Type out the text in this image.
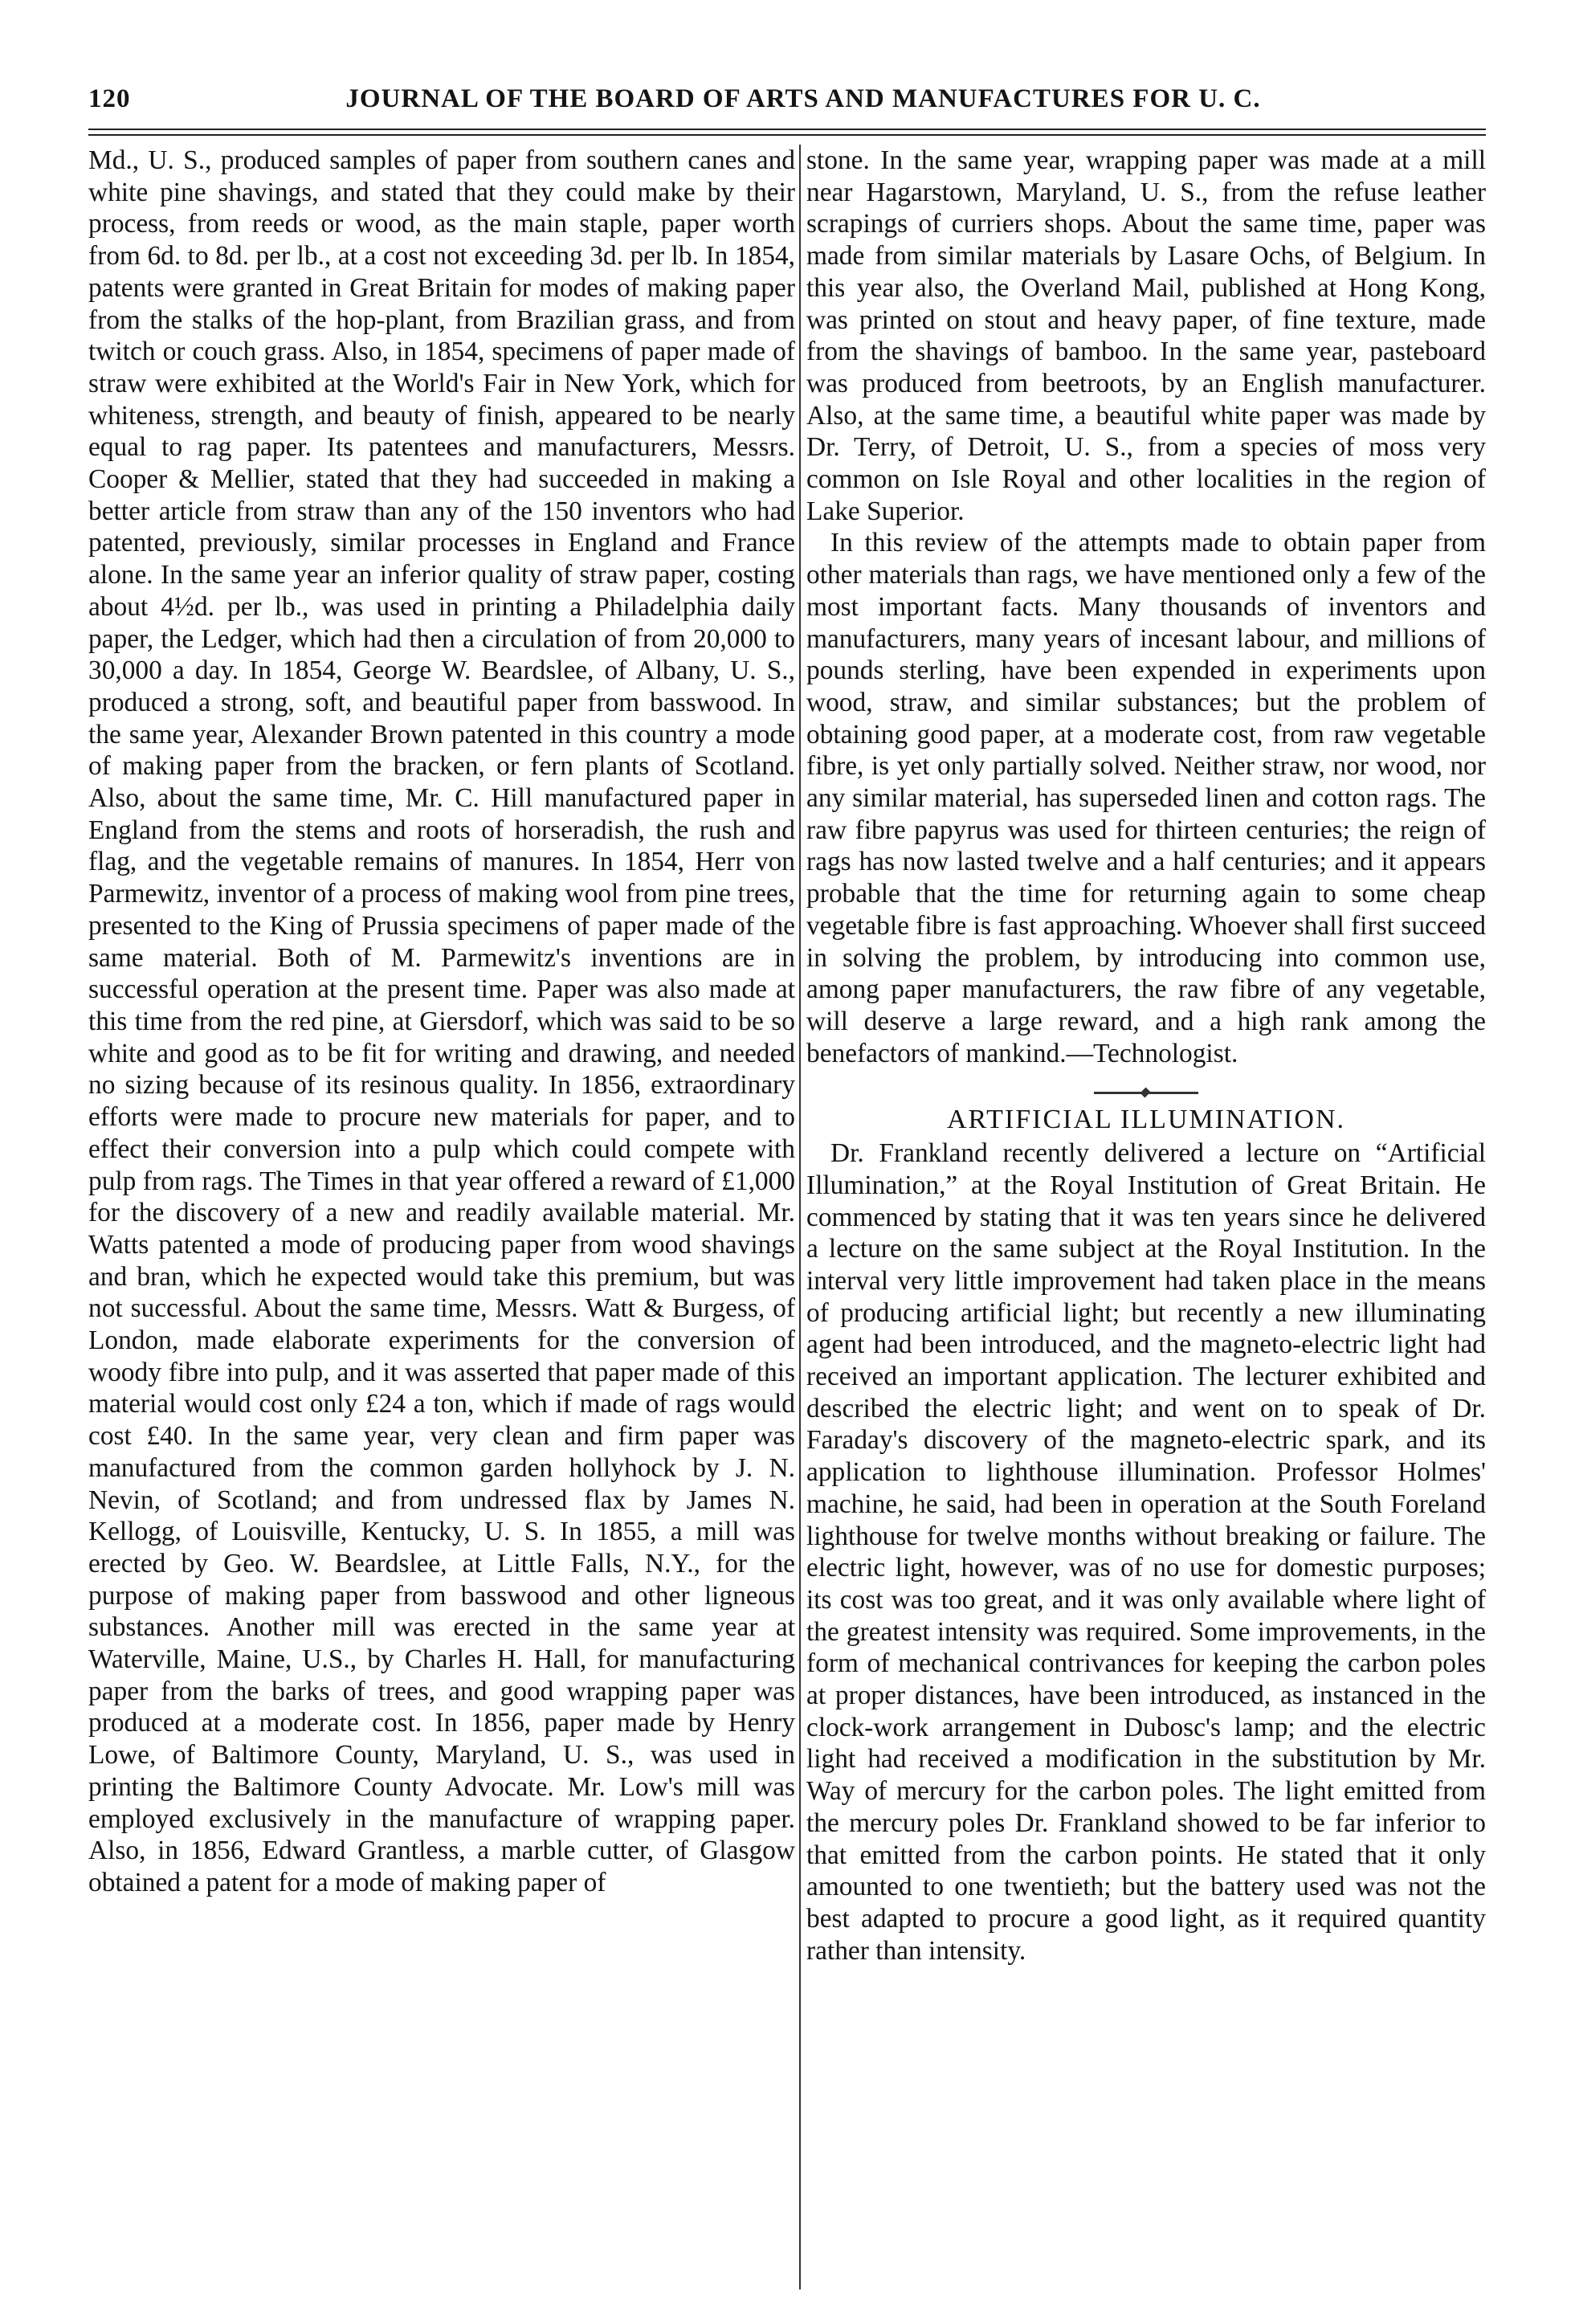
120	JOURNAL OF THE BOARD OF ARTS AND MANUFACTURES FOR U. C.

Md., U. S., produced samples of paper from southern canes and white pine shavings, and stated that they could make by their process, from reeds or wood, as the main staple, paper worth from 6d. to 8d. per lb., at a cost not exceeding 3d. per lb. In 1854, patents were granted in Great Britain for modes of making paper from the stalks of the hop-plant, from Brazilian grass, and from twitch or couch grass. Also, in 1854, specimens of paper made of straw were exhibited at the World's Fair in New York, which for whiteness, strength, and beauty of finish, appeared to be nearly equal to rag paper. Its patentees and manufacturers, Messrs. Cooper & Mellier, stated that they had succeeded in making a better article from straw than any of the 150 inventors who had patented, previously, similar processes in England and France alone. In the same year an inferior quality of straw paper, costing about 4½d. per lb., was used in printing a Philadelphia daily paper, the Ledger, which had then a circulation of from 20,000 to 30,000 a day. In 1854, George W. Beardslee, of Albany, U. S., produced a strong, soft, and beautiful paper from basswood. In the same year, Alexander Brown patented in this country a mode of making paper from the bracken, or fern plants of Scotland. Also, about the same time, Mr. C. Hill manufactured paper in England from the stems and roots of horseradish, the rush and flag, and the vegetable remains of manures. In 1854, Herr von Parmewitz, inventor of a process of making wool from pine trees, presented to the King of Prussia specimens of paper made of the same material. Both of M. Parmewitz's inventions are in successful operation at the present time. Paper was also made at this time from the red pine, at Giersdorf, which was said to be so white and good as to be fit for writing and drawing, and needed no sizing because of its resinous quality. In 1856, extraordinary efforts were made to procure new materials for paper, and to effect their conversion into a pulp which could compete with pulp from rags. The Times in that year offered a reward of £1,000 for the discovery of a new and readily available material. Mr. Watts patented a mode of producing paper from wood shavings and bran, which he expected would take this premium, but was not successful. About the same time, Messrs. Watt & Burgess, of London, made elaborate experiments for the conversion of woody fibre into pulp, and it was asserted that paper made of this material would cost only £24 a ton, which if made of rags would cost £40. In the same year, very clean and firm paper was manufactured from the common garden hollyhock by J. N. Nevin, of Scotland; and from undressed flax by James N. Kellogg, of Louisville, Kentucky, U. S. In 1855, a mill was erected by Geo. W. Beardslee, at Little Falls, N.Y., for the purpose of making paper from basswood and other ligneous substances. Another mill was erected in the same year at Waterville, Maine, U.S., by Charles H. Hall, for manufacturing paper from the barks of trees, and good wrapping paper was produced at a moderate cost. In 1856, paper made by Henry Lowe, of Baltimore County, Maryland, U. S., was used in printing the Baltimore County Advocate. Mr. Low's mill was employed exclusively in the manufacture of wrapping paper. Also, in 1856, Edward Grantless, a marble cutter, of Glasgow obtained a patent for a mode of making paper of

stone. In the same year, wrapping paper was made at a mill near Hagarstown, Maryland, U. S., from the refuse leather scrapings of curriers shops. About the same time, paper was made from similar materials by Lasare Ochs, of Belgium. In this year also, the Overland Mail, published at Hong Kong, was printed on stout and heavy paper, of fine texture, made from the shavings of bamboo. In the same year, pasteboard was produced from beetroots, by an English manufacturer. Also, at the same time, a beautiful white paper was made by Dr. Terry, of Detroit, U. S., from a species of moss very common on Isle Royal and other localities in the region of Lake Superior.

In this review of the attempts made to obtain paper from other materials than rags, we have mentioned only a few of the most important facts. Many thousands of inventors and manufacturers, many years of incesant labour, and millions of pounds sterling, have been expended in experiments upon wood, straw, and similar substances; but the problem of obtaining good paper, at a moderate cost, from raw vegetable fibre, is yet only partially solved. Neither straw, nor wood, nor any similar material, has superseded linen and cotton rags. The raw fibre papyrus was used for thirteen centuries; the reign of rags has now lasted twelve and a half centuries; and it appears probable that the time for returning again to some cheap vegetable fibre is fast approaching. Whoever shall first succeed in solving the problem, by introducing into common use, among paper manufacturers, the raw fibre of any vegetable, will deserve a large reward, and a high rank among the benefactors of mankind.—Technologist.

ARTIFICIAL ILLUMINATION.

Dr. Frankland recently delivered a lecture on “Artificial Illumination,” at the Royal Institution of Great Britain. He commenced by stating that it was ten years since he delivered a lecture on the same subject at the Royal Institution. In the interval very little improvement had taken place in the means of producing artificial light; but recently a new illuminating agent had been introduced, and the magneto-electric light had received an important application. The lecturer exhibited and described the electric light; and went on to speak of Dr. Faraday's discovery of the magneto-electric spark, and its application to lighthouse illumination. Professor Holmes' machine, he said, had been in operation at the South Foreland lighthouse for twelve months without breaking or failure. The electric light, however, was of no use for domestic purposes; its cost was too great, and it was only available where light of the greatest intensity was required. Some improvements, in the form of mechanical contrivances for keeping the carbon poles at proper distances, have been introduced, as instanced in the clock-work arrangement in Dubosc's lamp; and the electric light had received a modification in the substitution by Mr. Way of mercury for the carbon poles. The light emitted from the mercury poles Dr. Frankland showed to be far inferior to that emitted from the carbon points. He stated that it only amounted to one twentieth; but the battery used was not the best adapted to procure a good light, as it required quantity rather than intensity.
